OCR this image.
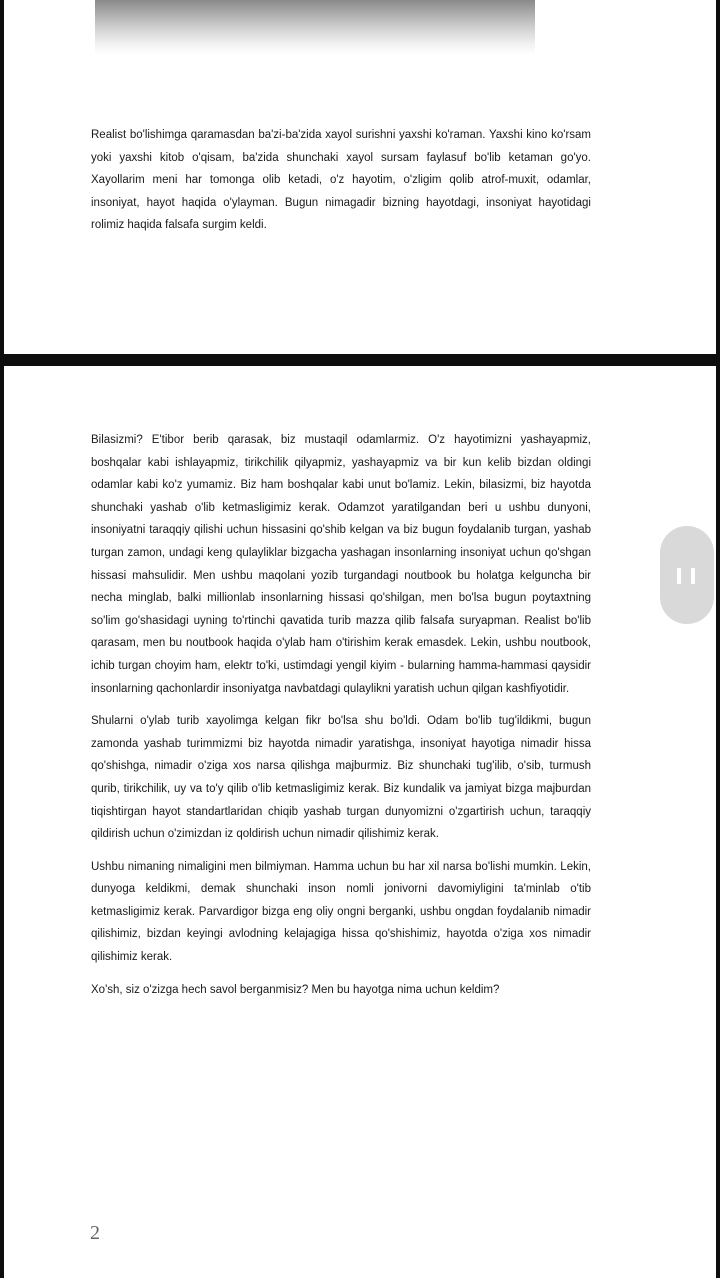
Realist bo'lishimga qaramasdan ba'zi-ba'zida xayol surishni yaxshi ko'raman. Yaxshi kino ko'rsam yoki yaxshi kitob o'qisam, ba'zida shunchaki xayol sursam faylasuf bo'lib ketaman go'yo. Xayollarim meni har tomonga olib ketadi, o'z hayotim, o'zligim qolib atrof-muxit, odamlar, insoniyat, hayot haqida o'ylayman. Bugun nimagadir bizning hayotdagi, insoniyat hayotidagi rolimiz haqida falsafa surgim keldi.

Bilasizmi? E'tibor berib qarasak, biz mustaqil odamlarmiz. O'z hayotimizni yashayapmiz, boshqalar kabi ishlayapmiz, tirikchilik qilyapmiz, yashayapmiz va bir kun kelib bizdan oldingi odamlar kabi ko'z yumamiz. Biz ham boshqalar kabi unut bo'lamiz. Lekin, bilasizmi, biz hayotda shunchaki yashab o'lib ketmasligimiz kerak. Odamzot yaratilgandan beri u ushbu dunyoni, insoniyatni taraqqiy qilishi uchun hissasini qo'shib kelgan va biz bugun foydalanib turgan, yashab turgan zamon, undagi keng qulayliklar bizgacha yashagan insonlarning insoniyat uchun qo'shgan hissasi mahsulidir. Men ushbu maqolani yozib turgandagi noutbook bu holatga kelguncha bir necha minglab, balki millionlab insonlarning hissasi qo'shilgan, men bo'lsa bugun poytaxtning so'lim go'shasidagi uyning to'rtinchi qavatida turib mazza qilib falsafa suryapman. Realist bo'lib qarasam, men bu noutbook haqida o'ylab ham o'tirishim kerak emasdek. Lekin, ushbu noutbook, ichib turgan choyim ham, elektr to'ki, ustimdagi yengil kiyim - bularning hamma-hammasi qaysidir insonlarning qachonlardir insoniyatga navbatdagi qulaylikni yaratish uchun qilgan kashfiyotidir.

Shularni o'ylab turib xayolimga kelgan fikr bo'lsa shu bo'ldi. Odam bo'lib tug'ildikmi, bugun zamonda yashab turimmizmi biz hayotda nimadir yaratishga, insoniyat hayotiga nimadir hissa qo'shishga, nimadir o'ziga xos narsa qilishga majburmiz. Biz shunchaki tug'ilib, o'sib, turmush qurib, tirikchilik, uy va to'y qilib o'lib ketmasligimiz kerak. Biz kundalik va jamiyat bizga majburdan tiqishtirgan hayot standartlaridan chiqib yashab turgan dunyomizni o'zgartirish uchun, taraqqiy qildirish uchun o'zimizdan iz qoldirish uchun nimadir qilishimiz kerak.

Ushbu nimaning nimaligini men bilmiyman. Hamma uchun bu har xil narsa bo'lishi mumkin. Lekin, dunyoga keldikmi, demak shunchaki inson nomli jonivorni davomiyligini ta'minlab o'tib ketmasligimiz kerak. Parvardigor bizga eng oliy ongni berganki, ushbu ongdan foydalanib nimadir qilishimiz, bizdan keyingi avlodning kelajagiga hissa qo'shishimiz, hayotda o'ziga xos nimadir qilishimiz kerak.

Xo'sh, siz o'zizga hech savol berganmisiz? Men bu hayotga nima uchun keldim?

2
